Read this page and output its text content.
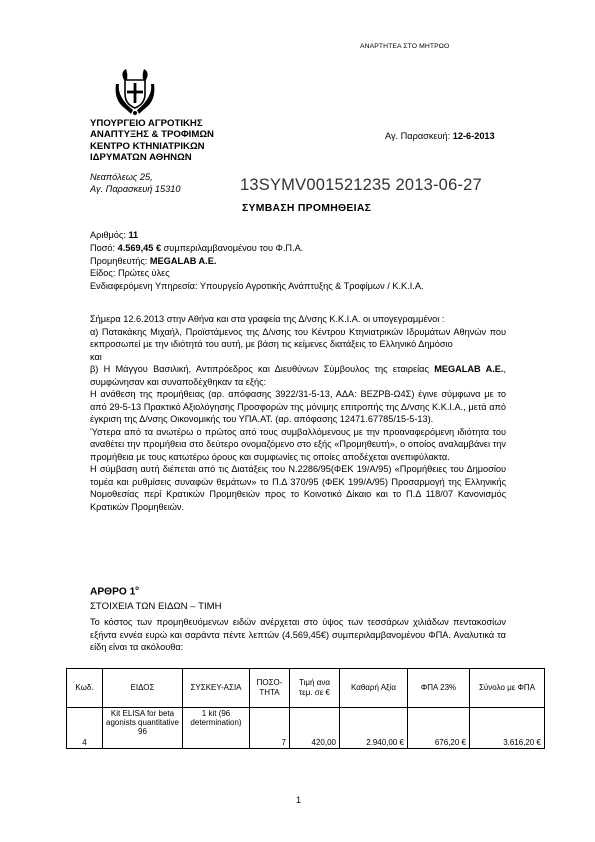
ΑΝΑΡΤΗΤΕΑ ΣΤΟ ΜΗΤΡΩΟ
ΥΠΟΥΡΓΕΙΟ ΑΓΡΟΤΙΚΗΣ
ΑΝΑΠΤΥΞΗΣ & ΤΡΟΦΙΜΩΝ
ΚΕΝΤΡΟ ΚΤΗΝΙΑΤΡΙΚΩΝ
ΙΔΡΥΜΑΤΩΝ ΑΘΗΝΩΝ
Νεαπόλεως 25,
Αγ. Παρασκευή 15310
Αγ. Παρασκευή: 12-6-2013
13SYMV001521235 2013-06-27
ΣΥΜΒΑΣΗ ΠΡΟΜΗΘΕΙΑΣ
Αριθμός: 11
Ποσό: 4.569,45 € συμπεριλαμβανομένου του Φ.Π.Α.
Προμηθευτής: MEGALAB A.E.
Είδος: Πρώτες ύλες
Ενδιαφερόμενη Υπηρεσία: Υπουργείο Αγροτικής Ανάπτυξης & Τροφίμων / Κ.Κ.Ι.Α.

Σήμερα 12.6.2013 στην Αθήνα και στα γραφεία της Δ/νσης Κ.Κ.Ι.Α. οι υπογεγραμμένοι :

α) Πατακάκης Μιχαήλ, Προϊστάμενος της Δ/νσης του Κέντρου Κτηνιατρικών Ιδρυμάτων Αθηνών που εκπροσωπεί με την ιδιότητά του αυτή, με βάση τις κείμενες διατάξεις το Ελληνικό Δημόσιο

και

β) Η Μάγγου Βασιλική, Αντιπρόεδρος και Διευθύνων Σύμβουλος της εταιρείας MEGALAB A.E., συμφώνησαν και συναποδέχθηκαν τα εξής:

Η ανάθεση της προμήθειας (αρ. απόφασης 3922/31-5-13, ΑΔΑ: ΒΕΖΡΒ-Ω4Σ) έγινε σύμφωνα με το από 29-5-13 Πρακτικό Αξιολόγησης Προσφορών της μόνιμης επιτροπής της Δ/νσης Κ.Κ.Ι.Α., μετά από έγκριση της Δ/νσης Οικονομικής του ΥΠΑ.ΑΤ. (αρ. απόφασης 12471.67785/15-5-13).

Ύστερα από τα ανωτέρω ο πρώτος από τους συμβαλλόμενους με την προαναφερόμενη ιδιότητα του αναθέτει την προμήθεια στο δεύτερο ονομαζόμενο στο εξής «Προμηθευτή», ο οποίος αναλαμβάνει την προμήθεια με τους κατωτέρω όρους και συμφωνίες τις οποίες αποδέχεται ανεπιφύλακτα.

Η σύμβαση αυτή διέπεται από τις Διατάξεις του Ν.2286/95(ΦΕΚ 19/Α/95) «Προμήθειες του Δημοσίου τομέα και ρυθμίσεις συναφών θεμάτων» το Π.Δ 370/95 (ΦΕΚ 199/Α/95) Προσαρμογή της Ελληνικής Νομοθεσίας περί Κρατικών Προμηθειών προς το Κοινοτικό Δίκαιο και το Π.Δ 118/07 Κανονισμός Κρατικών Προμηθειών.

ΑΡΘΡΟ $1^o$
ΣΤΟΙΧΕΙΑ ΤΩΝ ΕΙΔΩΝ – ΤΙΜΗ
Το κόστος των προμηθευόμενων ειδών ανέρχεται στο ύψος των τεσσάρων χιλιάδων πεντακοσίων εξήντα εννέα ευρώ και σαράντα πέντε λεπτών (4.569,45€) συμπεριλαμβανομένου ΦΠΑ. Αναλυτικά τα είδη είναι τα ακόλουθα:
Κωδ.	ΕΙΔΟΣ	ΣΥΣΚΕΥ-ΑΣΙΑ	ΠΟΣΟ-ΤΗΤΑ	Τιμή ανα τεμ. σε €	Καθαρή Αξία	ΦΠΑ 23%	Σύνολο με ΦΠΑ
4	Kit ELISA for beta agonists quantitative 96	1 kit (96 determination)	7	420,00	2.940,00 €	676,20 €	3.616,20 €
1
